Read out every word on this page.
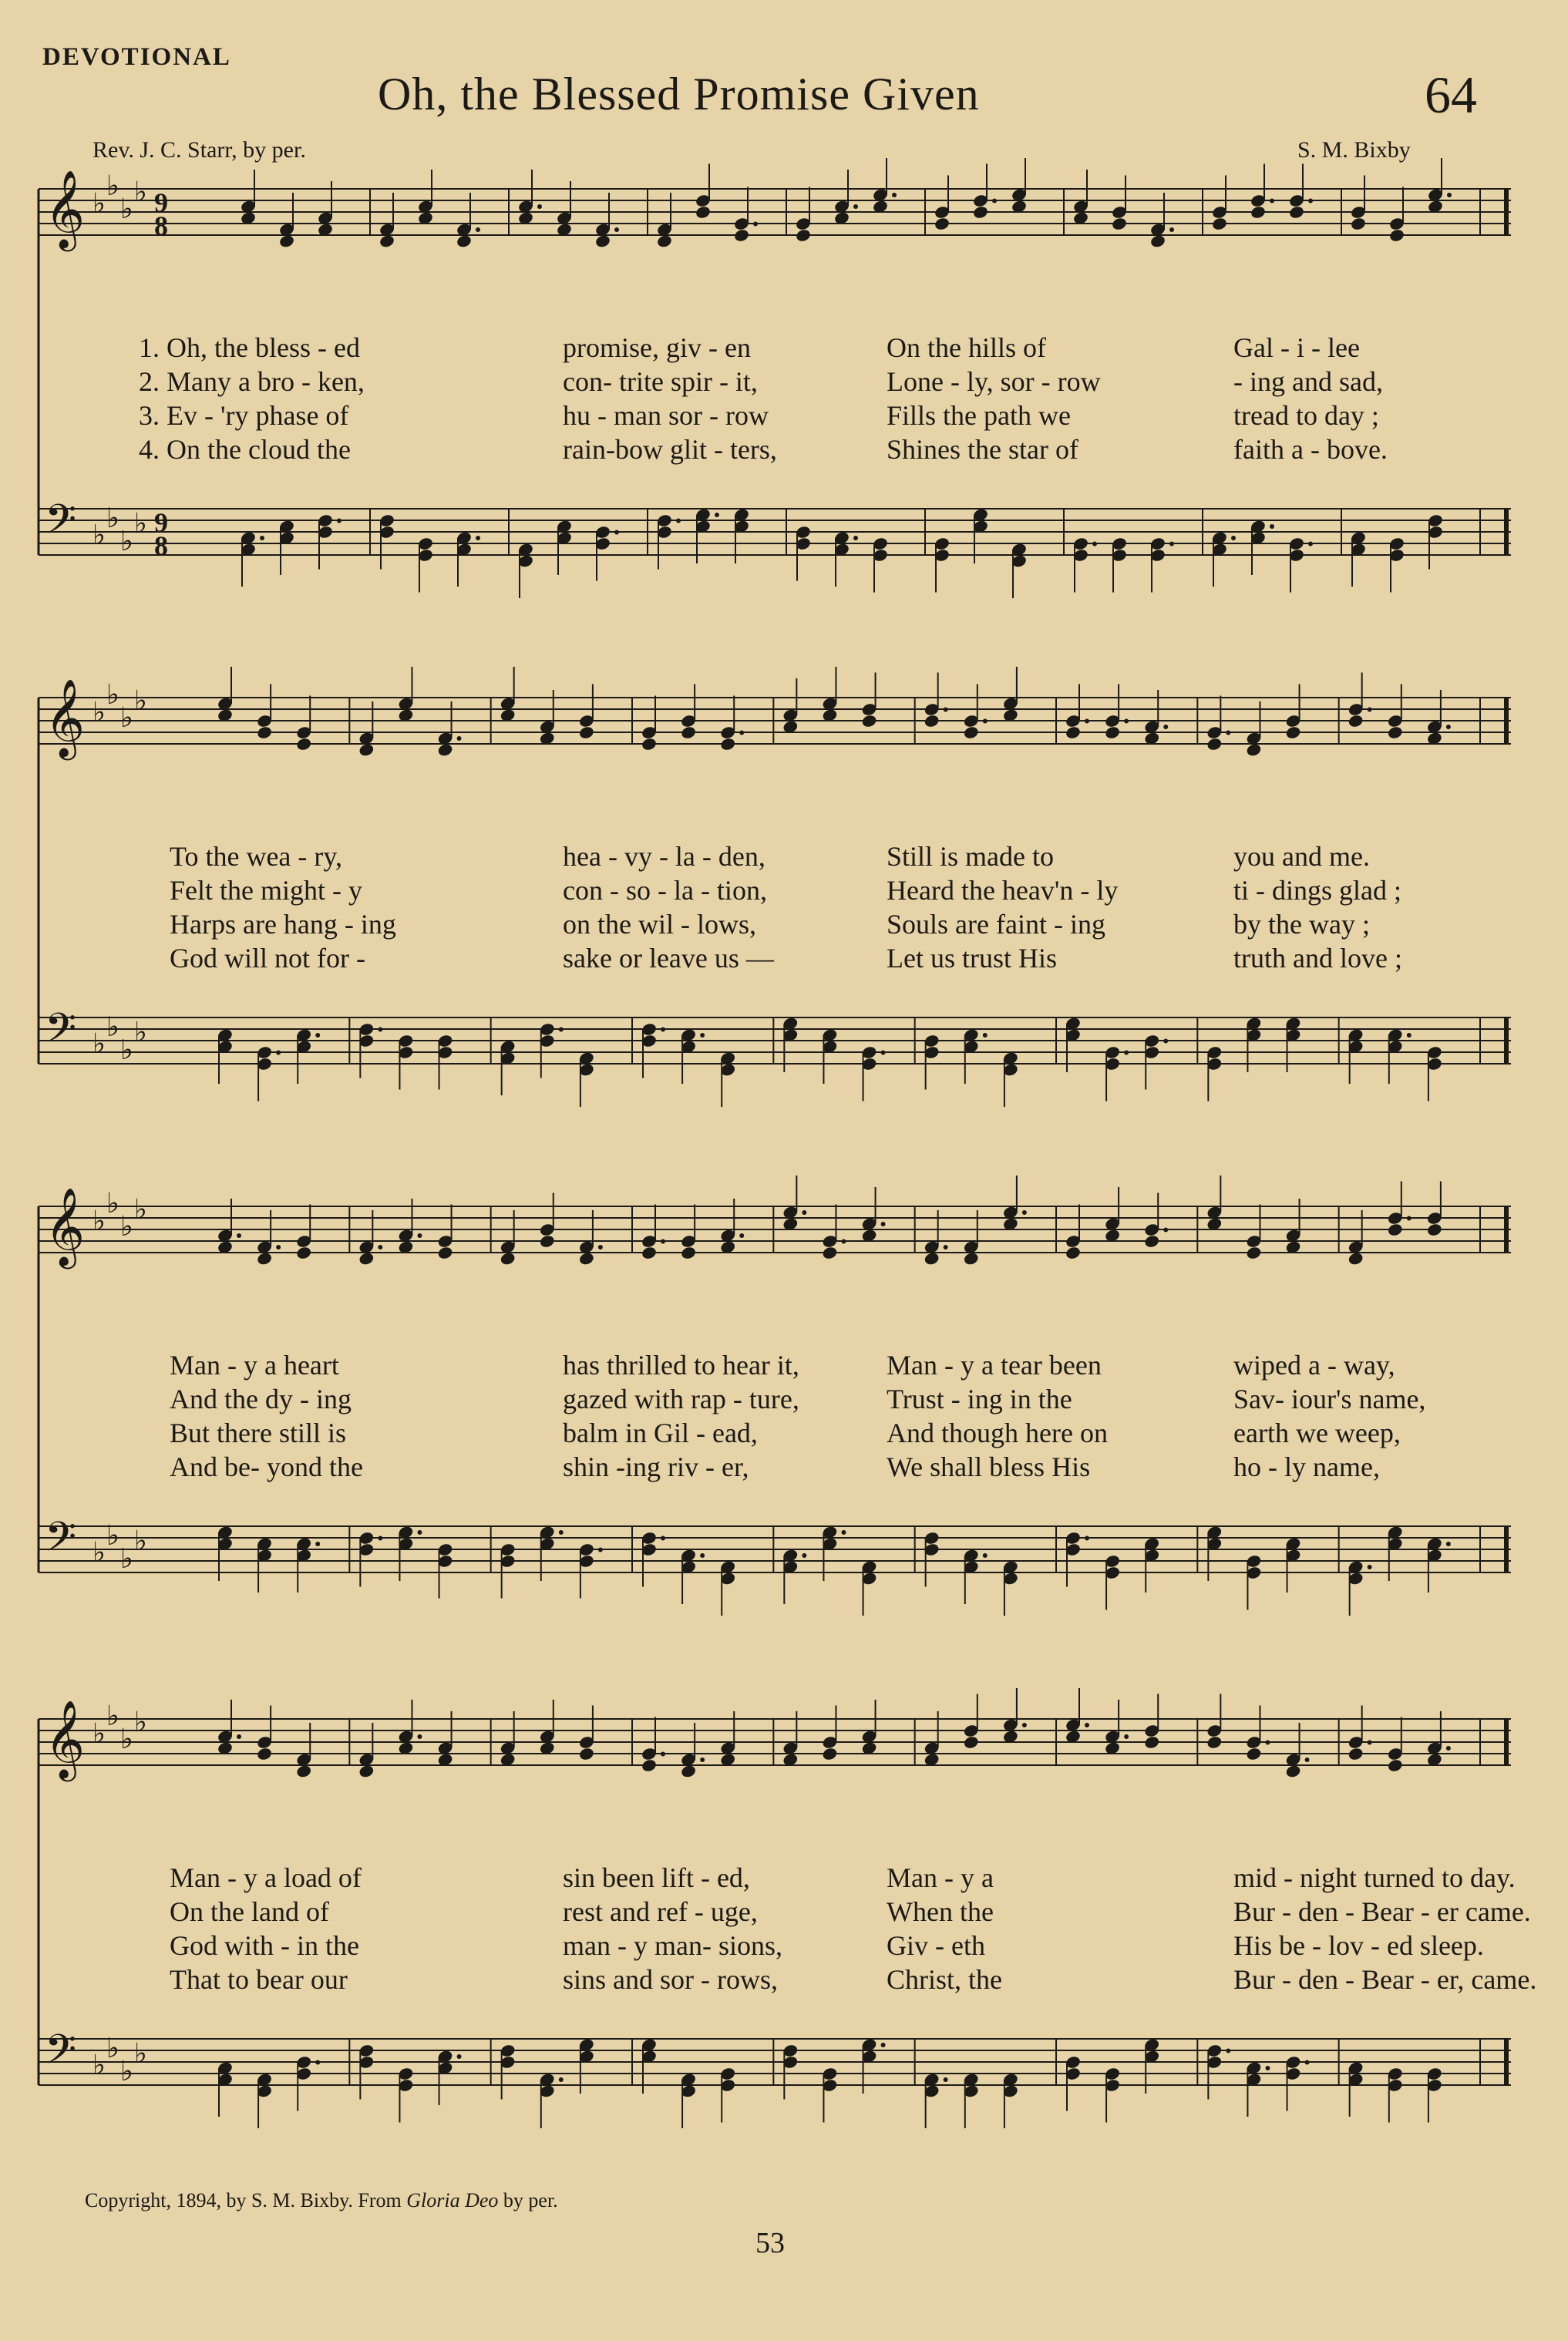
DEVOTIONAL
Oh, the Blessed Promise Given	64
Rev. J. C. Starr, by per.	S. M. Bixby
𝄞 ♭
♭
♭
♭ 9
8
𝄢 ♭
♭
♭
♭ 9
8
1. Oh, the bless - ed	promise, giv - en	On the hills of	Gal - i - lee
2. Many a bro - ken,	con- trite spir - it,	Lone - ly, sor - row	- ing and sad,
3. Ev - 'ry phase of	hu - man sor - row	Fills the path we	tread to day ;
4. On the cloud the	rain-bow glit - ters,	Shines the star of	faith a - bove.
𝄞 ♭
♭
♭
♭
𝄢 ♭
♭
♭
♭
To the wea - ry,	hea - vy - la - den,	Still is made to	you and me.
Felt the might - y	con - so - la - tion,	Heard the heav'n - ly	ti - dings glad ;
Harps are hang - ing	on the wil - lows,	Souls are faint - ing	by the way ;
God will not for -	sake or leave us —	Let us trust His	truth and love ;
𝄞 ♭
♭
♭
♭
𝄢 ♭
♭
♭
♭
Man - y a heart	has thrilled to hear it,	Man - y a tear been	wiped a - way,
And the dy - ing	gazed with rap - ture,	Trust - ing in the	Sav- iour's name,
But there still is	balm in Gil - ead,	And though here on	earth we weep,
And be- yond the	shin -ing riv - er,	We shall bless His	ho - ly name,
𝄞 ♭
♭
♭
♭
𝄢 ♭
♭
♭
♭
Man - y a load of	sin been lift - ed,	Man - y a	mid - night turned to day.
On the land of	rest and ref - uge,	When the	Bur - den - Bear - er came.
God with - in the	man - y man- sions,	Giv - eth	His be - lov - ed sleep.
That to bear our	sins and sor - rows,	Christ, the	Bur - den - Bear - er, came.
Copyright, 1894, by S. M. Bixby. From Gloria Deo by per.
53
